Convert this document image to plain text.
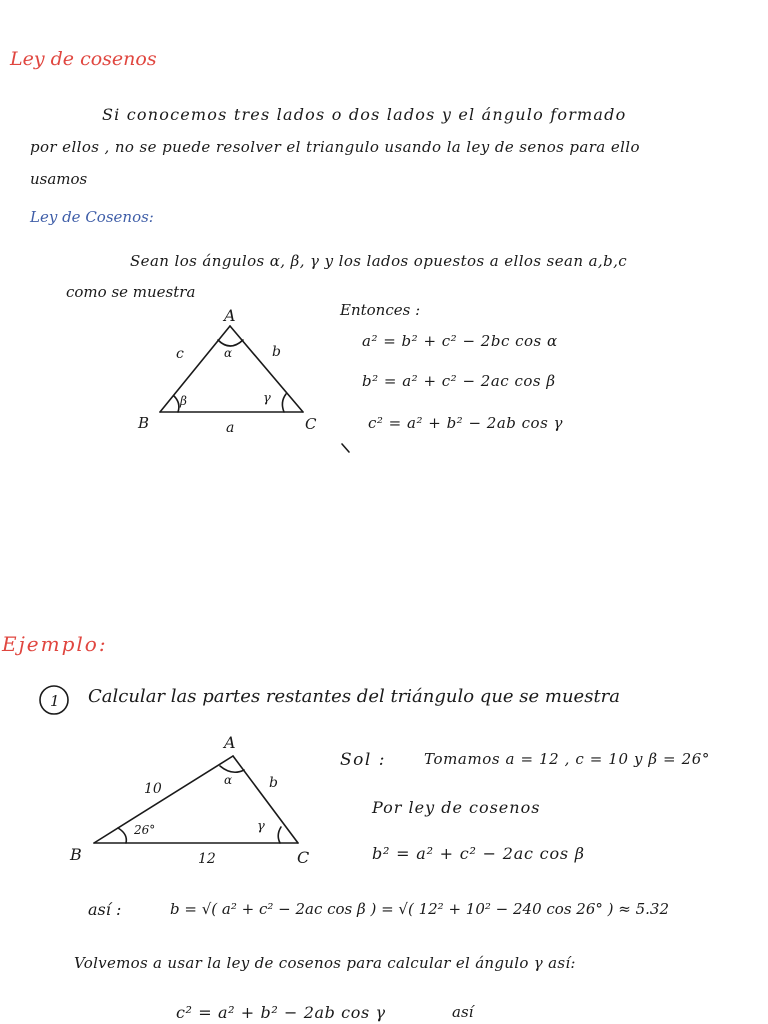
Ley de cosenos
Si conocemos tres lados o dos lados y el ángulo formado
por ellos , no se puede resolver el triangulo usando la ley de senos para ello
usamos
Ley de Cosenos:
Sean los ángulos α, β, γ y los lados opuestos a ellos sean a,b,c
como se muestra
A
B	C
a
b
c	α
β	γ
Entonces :
a² = b² + c² − 2bc cos α
b² = a² + c² − 2ac cos β
c² = a² + b² − 2ab cos γ
Ejemplo:
1 Calcular las partes restantes del triángulo que se muestra
A
B	C
10	b
12
26°
α
γ
Sol :	Tomamos a = 12 , c = 10 y β = 26°
Por ley de cosenos
b² = a² + c² − 2ac cos β
así :	b = √( a² + c² − 2ac cos β ) = √( 12² + 10² − 240 cos 26° ) ≈ 5.32
Volvemos a usar la ley de cosenos para calcular el ángulo γ así:
c² = a² + b² − 2ab cos γ	así
